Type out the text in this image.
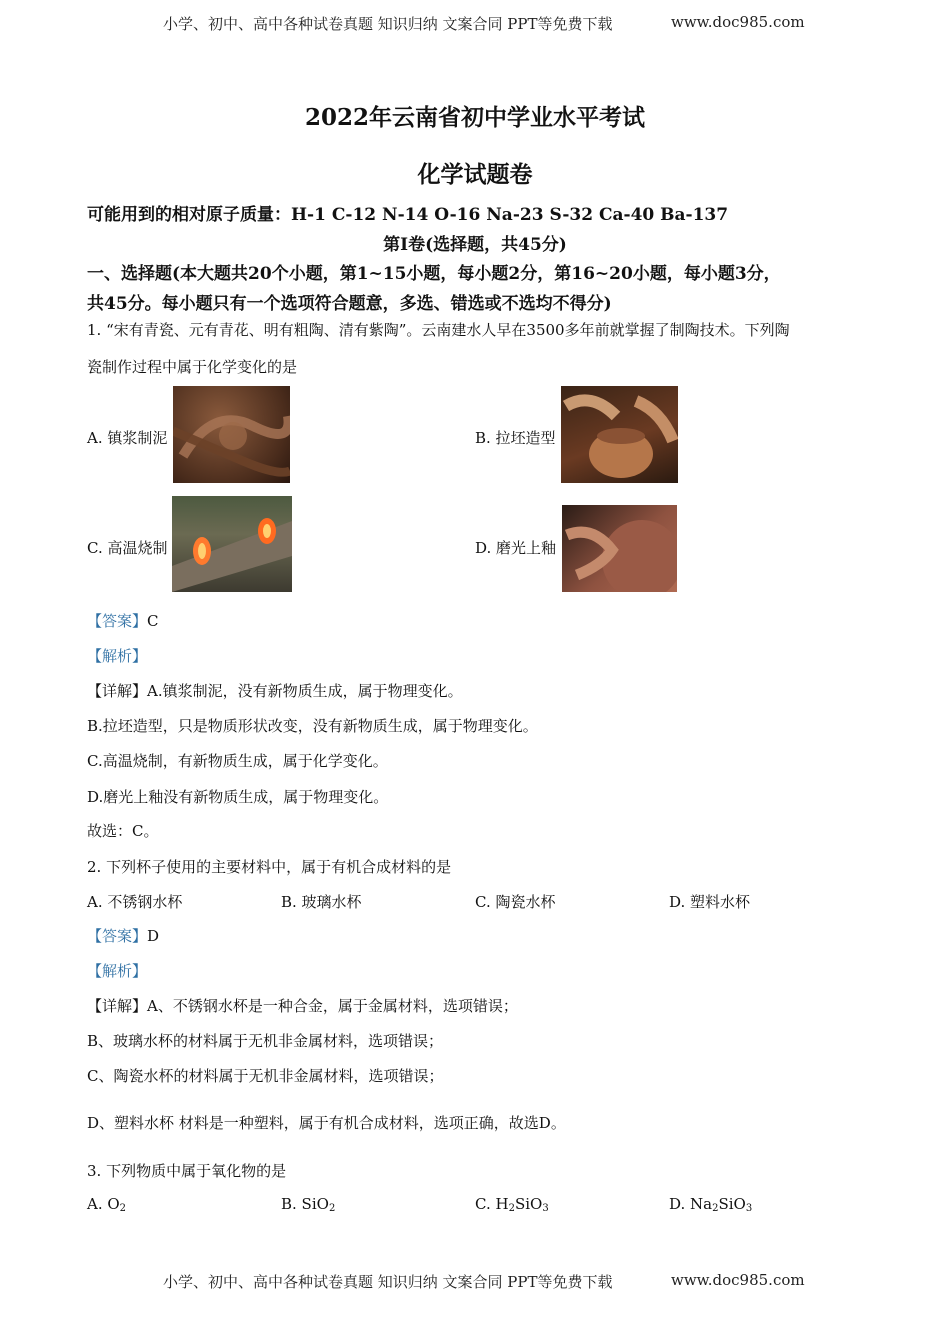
小学、初中、高中各种试卷真题 知识归纳 文案合同 PPT等免费下载	www.doc985.com
2022年云南省初中学业水平考试
化学试题卷
可能用到的相对原子质量：H-1 C-12 N-14 O-16 Na-23 S-32 Ca-40 Ba-137
第Ⅰ卷(选择题，共45分)
一、选择题(本大题共20个小题，第1~15小题，每小题2分，第16~20小题，每小题3分，
共45分。每小题只有一个选项符合题意，多选、错选或不选均不得分)
1. “宋有青瓷、元有青花、明有粗陶、清有紫陶”。云南建水人早在3500多年前就掌握了制陶技术。下列陶
瓷制作过程中属于化学变化的是
A. 镇浆制泥	B. 拉坯造型
C. 高温烧制	D. 磨光上釉
【答案】C
【解析】
【详解】A.镇浆制泥，没有新物质生成，属于物理变化。
B.拉坯造型，只是物质形状改变，没有新物质生成，属于物理变化。
C.高温烧制，有新物质生成，属于化学变化。
D.磨光上釉没有新物质生成，属于物理变化。
故选：C。
2. 下列杯子使用的主要材料中，属于有机合成材料的是
A. 不锈钢水杯	B. 玻璃水杯	C. 陶瓷水杯	D. 塑料水杯
【答案】D
【解析】
【详解】A、不锈钢水杯是一种合金，属于金属材料，选项错误；
B、玻璃水杯的材料属于无机非金属材料，选项错误；
C、陶瓷水杯的材料属于无机非金属材料，选项错误；
D、塑料水杯 材料是一种塑料，属于有机合成材料，选项正确，故选D。
3. 下列物质中属于氧化物的是
A. $O_2$	B. SiO$_2$	C. $H_2SiO_3$	D. $Na_2SiO_3$
小学、初中、高中各种试卷真题 知识归纳 文案合同 PPT等免费下载	www.doc985.com
